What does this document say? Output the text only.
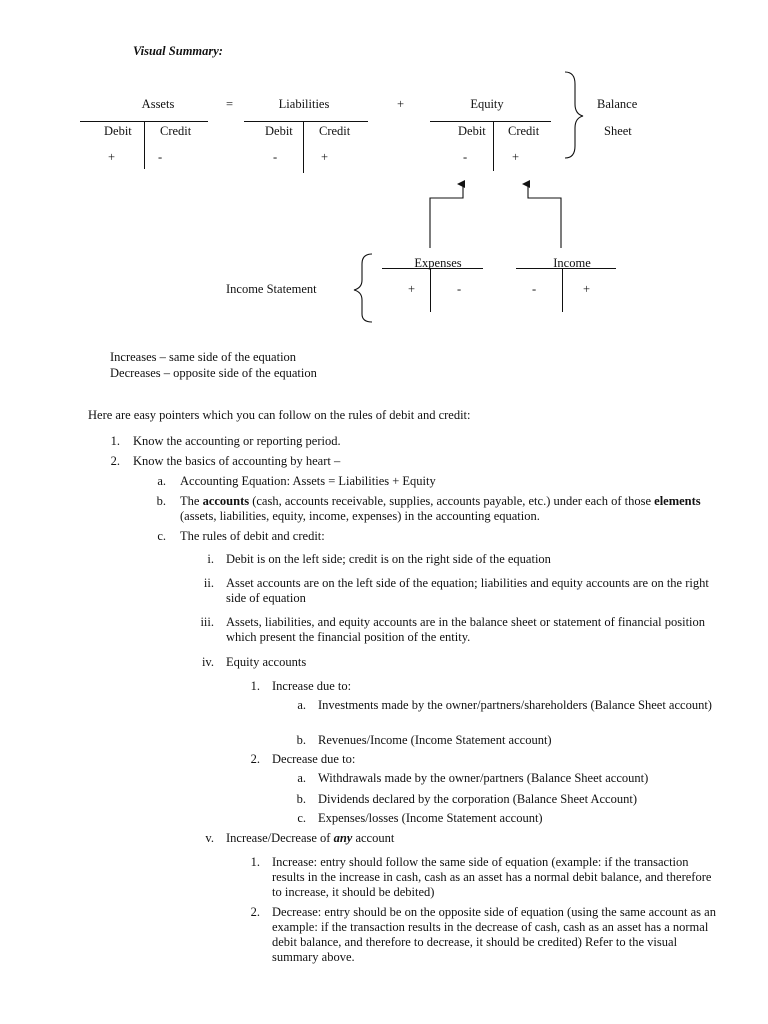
Visual Summary:
Assets
Debit Credit
+	-
=	Liabilities
Debit Credit
-	+
+	Equity
Debit Credit
-	+
Balance
Sheet
Expenses
+	-
Income
-	+
Income Statement
Increases – same side of the equation
Decreases – opposite side of the equation
Here are easy pointers which you can follow on the rules of debit and credit:
1. Know the accounting or reporting period.
2. Know the basics of accounting by heart –
a. Accounting Equation: Assets = Liabilities + Equity
b. The accounts (cash, accounts receivable, supplies, accounts payable, etc.) under each of those elements (assets, liabilities, equity, income, expenses) in the accounting equation.
c. The rules of debit and credit:
i. Debit is on the left side; credit is on the right side of the equation
ii. Asset accounts are on the left side of the equation; liabilities and equity accounts are on the right side of equation
iii. Assets, liabilities, and equity accounts are in the balance sheet or statement of financial position which present the financial position of the entity.
iv. Equity accounts
1. Increase due to:
a. Investments made by the owner/partners/shareholders (Balance Sheet account)
b. Revenues/Income (Income Statement account)
2. Decrease due to:
a. Withdrawals made by the owner/partners (Balance Sheet account)
b. Dividends declared by the corporation (Balance Sheet Account)
c. Expenses/losses (Income Statement account)
v. Increase/Decrease of any account
1. Increase: entry should follow the same side of equation (example: if the transaction results in the increase in cash, cash as an asset has a normal debit balance, and therefore to increase, it should be debited)
2. Decrease: entry should be on the opposite side of equation (using the same account as an example: if the transaction results in the decrease of cash, cash as an asset has a normal debit balance, and therefore to decrease, it should be credited) Refer to the visual summary above.
